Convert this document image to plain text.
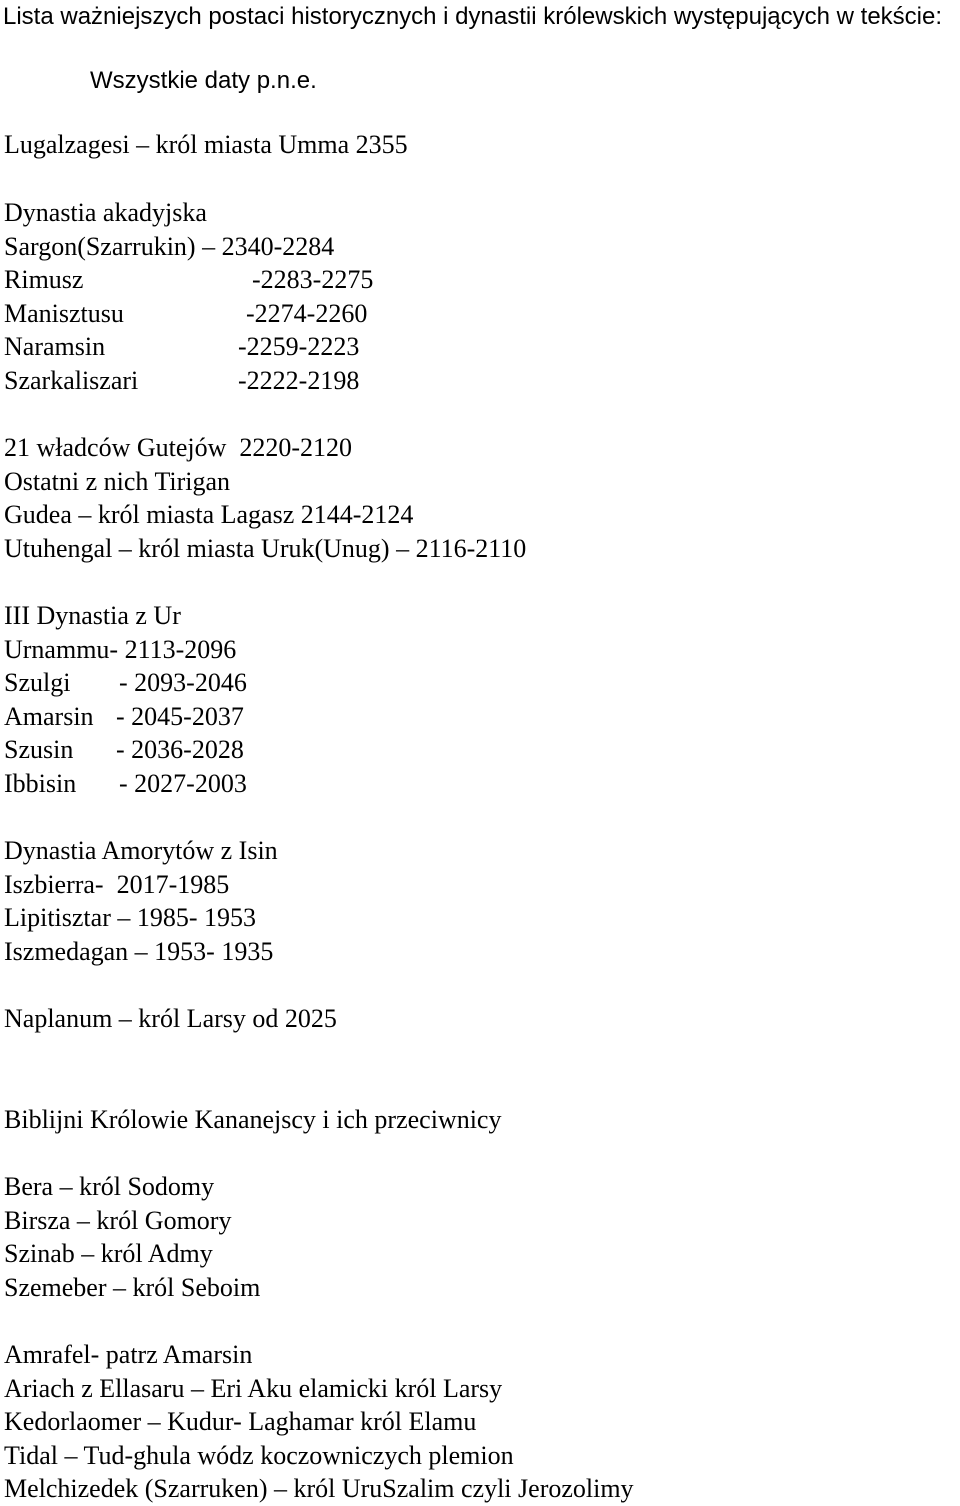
Lista ważniejszych postaci historycznych i dynastii królewskich występujących w tekście:
Wszystkie daty p.n.e.
Lugalzagesi – król miasta Umma 2355
Dynastia akadyjska
Sargon(Szarrukin) – 2340-2284
Rimusz	-2283-2275
Manisztusu	-2274-2260
Naramsin	-2259-2223
Szarkaliszari	-2222-2198
21 władców Gutejów  2220-2120
Ostatni z nich Tirigan
Gudea – król miasta Lagasz 2144-2124
Utuhengal – król miasta Uruk(Unug) – 2116-2110
III Dynastia z Ur
Urnammu- 2113-2096
Szulgi - 2093-2046
Amarsin - 2045-2037
Szusin - 2036-2028
Ibbisin - 2027-2003
Dynastia Amorytów z Isin
Iszbierra-  2017-1985
Lipitisztar – 1985- 1953
Iszmedagan – 1953- 1935
Naplanum – król Larsy od 2025
Biblijni Królowie Kananejscy i ich przeciwnicy
Bera – król Sodomy
Birsza – król Gomory
Szinab – król Admy
Szemeber – król Seboim
Amrafel- patrz Amarsin
Ariach z Ellasaru – Eri Aku elamicki król Larsy
Kedorlaomer – Kudur- Laghamar król Elamu
Tidal – Tud-ghula wódz koczowniczych plemion
Melchizedek (Szarruken) – król UruSzalim czyli Jerozolimy
